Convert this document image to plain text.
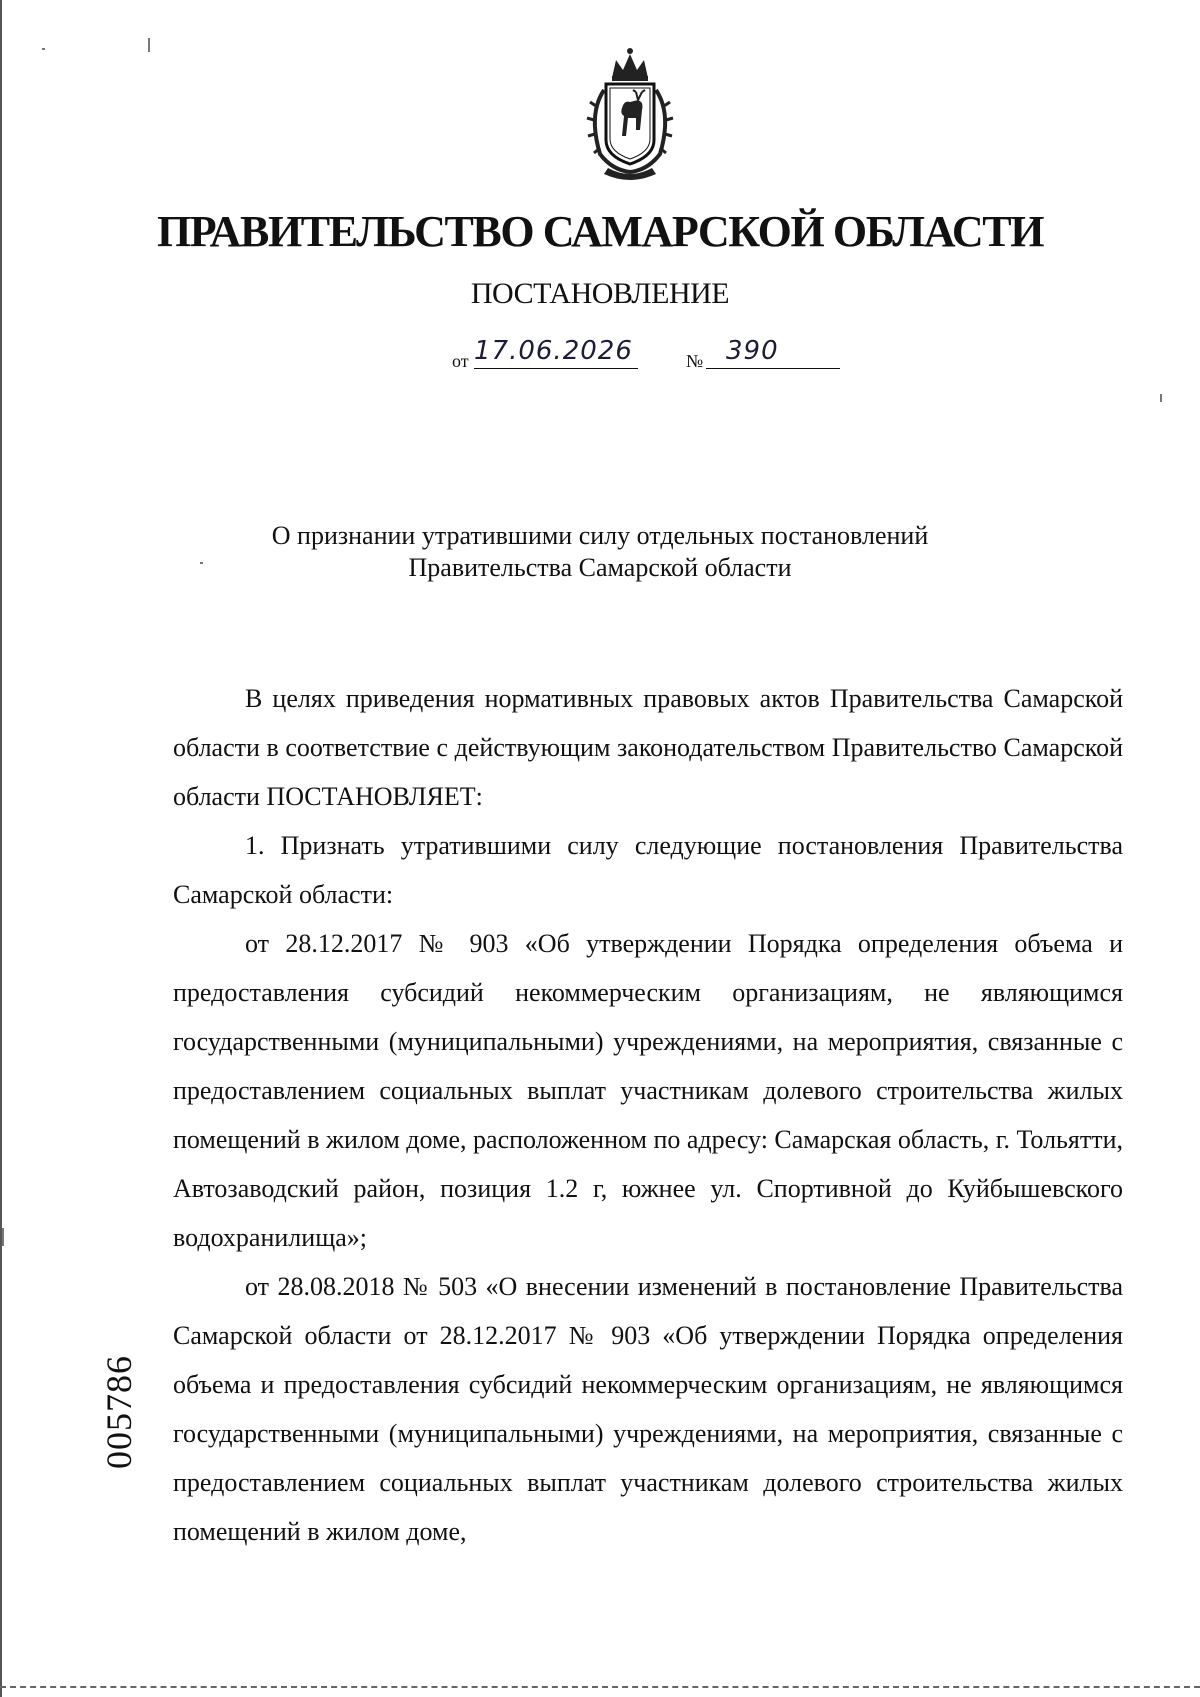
ПРАВИТЕЛЬСТВО САМАРСКОЙ ОБЛАСТИ
ПОСТАНОВЛЕНИЕ
от 17.06.2026	№ 390
О признании утратившими силу отдельных постановлений
Правительства Самарской области

В целях приведения нормативных правовых актов Правительства Самарской области в соответствие с действующим законодательством Правительство Самарской области ПОСТАНОВЛЯЕТ:

1. Признать утратившими силу следующие постановления Правительства Самарской области:

от 28.12.2017 № 903 «Об утверждении Порядка определения объема и предоставления субсидий некоммерческим организациям, не являющимся государственными (муниципальными) учреждениями, на мероприятия, связанные с предоставлением социальных выплат участникам долевого строительства жилых помещений в жилом доме, расположенном по адресу: Самарская область, г. Тольятти, Автозаводский район, позиция 1.2 г, южнее ул. Спортивной до Куйбышевского водохранилища»;

от 28.08.2018 № 503 «О внесении изменений в постановление Правительства Самарской области от 28.12.2017 № 903 «Об утверждении Порядка определения объема и предоставления субсидий некоммерческим организациям, не являющимся государственными (муниципальными) учреждениями, на мероприятия, связанные с предоставлением социальных выплат участникам долевого строительства жилых помещений в жилом доме,

005786
